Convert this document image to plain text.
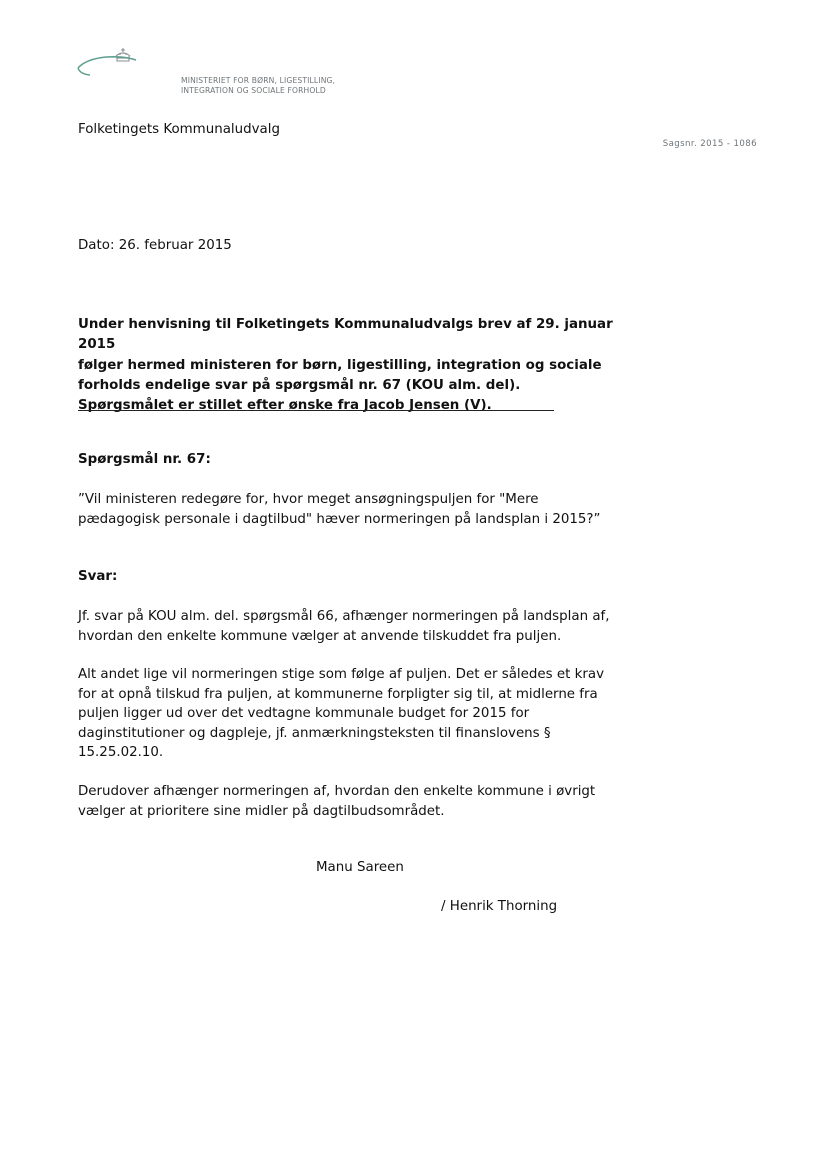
MINISTERIET FOR BØRN, LIGESTILLING,
INTEGRATION OG SOCIALE FORHOLD
Folketingets Kommunaludvalg
Sagsnr. 2015 - 1086
Dato: 26. februar 2015
Under henvisning til Folketingets Kommunaludvalgs brev af 29. januar 2015
følger hermed ministeren for børn, ligestilling, integration og sociale
forholds endelige svar på spørgsmål nr. 67 (KOU alm. del).
Spørgsmålet er stillet efter ønske fra Jacob Jensen (V).
Spørgsmål nr. 67:
”Vil ministeren redegøre for, hvor meget ansøgningspuljen for "Mere
pædagogisk personale i dagtilbud" hæver normeringen på landsplan i 2015?”
Svar:
Jf. svar på KOU alm. del. spørgsmål 66, afhænger normeringen på landsplan af,
hvordan den enkelte kommune vælger at anvende tilskuddet fra puljen.
Alt andet lige vil normeringen stige som følge af puljen. Det er således et krav
for at opnå tilskud fra puljen, at kommunerne forpligter sig til, at midlerne fra
puljen ligger ud over det vedtagne kommunale budget for 2015 for
daginstitutioner og dagpleje, jf. anmærkningsteksten til finanslovens §
15.25.02.10.
Derudover afhænger normeringen af, hvordan den enkelte kommune i øvrigt
vælger at prioritere sine midler på dagtilbudsområdet.
Manu Sareen
/ Henrik Thorning
